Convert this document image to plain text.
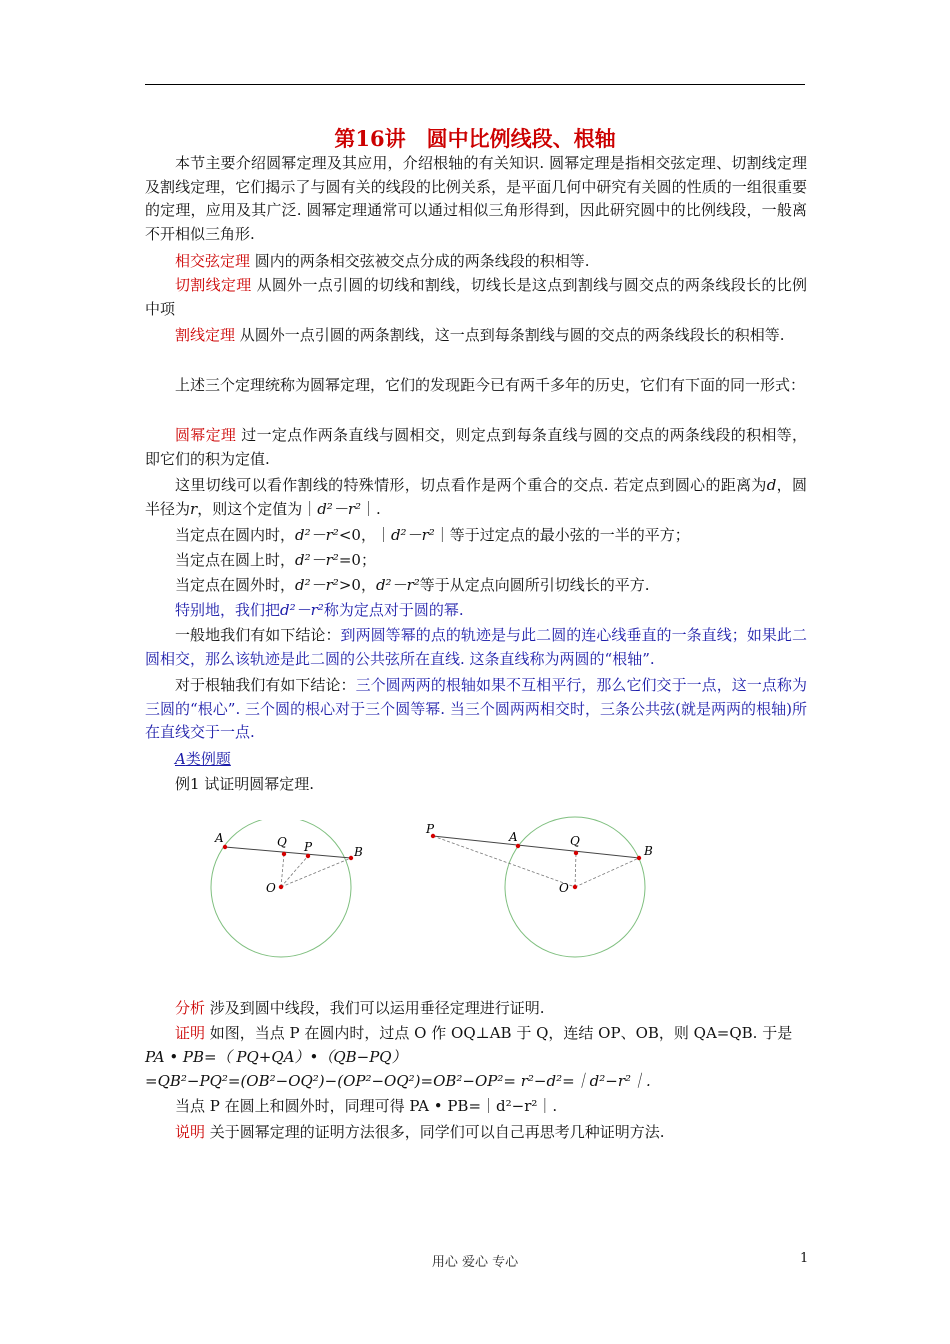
第16讲　圆中比例线段、根轴
本节主要介绍圆幂定理及其应用，介绍根轴的有关知识. 圆幂定理是指相交弦定理、切割线定理及割线定理，它们揭示了与圆有关的线段的比例关系，是平面几何中研究有关圆的性质的一组很重要的定理，应用及其广泛. 圆幂定理通常可以通过相似三角形得到，因此研究圆中的比例线段，一般离不开相似三角形.
相交弦定理 圆内的两条相交弦被交点分成的两条线段的积相等.
切割线定理 从圆外一点引圆的切线和割线，切线长是这点到割线与圆交点的两条线段长的比例中项
割线定理 从圆外一点引圆的两条割线，这一点到每条割线与圆的交点的两条线段长的积相等.
上述三个定理统称为圆幂定理，它们的发现距今已有两千多年的历史，它们有下面的同一形式：
圆幂定理 过一定点作两条直线与圆相交，则定点到每条直线与圆的交点的两条线段的积相等，即它们的积为定值.
这里切线可以看作割线的特殊情形，切点看作是两个重合的交点. 若定点到圆心的距离为d，圆半径为r，则这个定值为｜d²－r²｜.
当定点在圆内时，d²－r²<0，｜d²－r²｜等于过定点的最小弦的一半的平方；
当定点在圆上时，d²－r²=0；
当定点在圆外时，d²－r²>0，d²－r²等于从定点向圆所引切线长的平方.
特别地，我们把d²－r²称为定点对于圆的幂.
一般地我们有如下结论：到两圆等幂的点的轨迹是与此二圆的连心线垂直的一条直线；如果此二圆相交，那么该轨迹是此二圆的公共弦所在直线. 这条直线称为两圆的“根轴”.
对于根轴我们有如下结论：三个圆两两的根轴如果不互相平行，那么它们交于一点，这一点称为三圆的“根心”. 三个圆的根心对于三个圆等幂. 当三个圆两两相交时，三条公共弦(就是两两的根轴)所在直线交于一点.
A类例题
例1 试证明圆幂定理.
A	Q P	B
O
P
A	Q
B
O
分析 涉及到圆中线段，我们可以运用垂径定理进行证明.
证明 如图，当点 P 在圆内时，过点 O 作 OQ⊥AB 于 Q，连结 OP、OB，则 QA=QB. 于是
PA • PB=（ PQ+QA）•（QB−PQ）
=QB²−PQ²=(OB²−OQ²)−(OP²−OQ²)=OB²−OP²= r²−d²=｜d²−r²｜.
当点 P 在圆上和圆外时，同理可得 PA • PB=｜d²−r²｜.
说明 关于圆幂定理的证明方法很多，同学们可以自己再思考几种证明方法.
用心 爱心 专心	1
